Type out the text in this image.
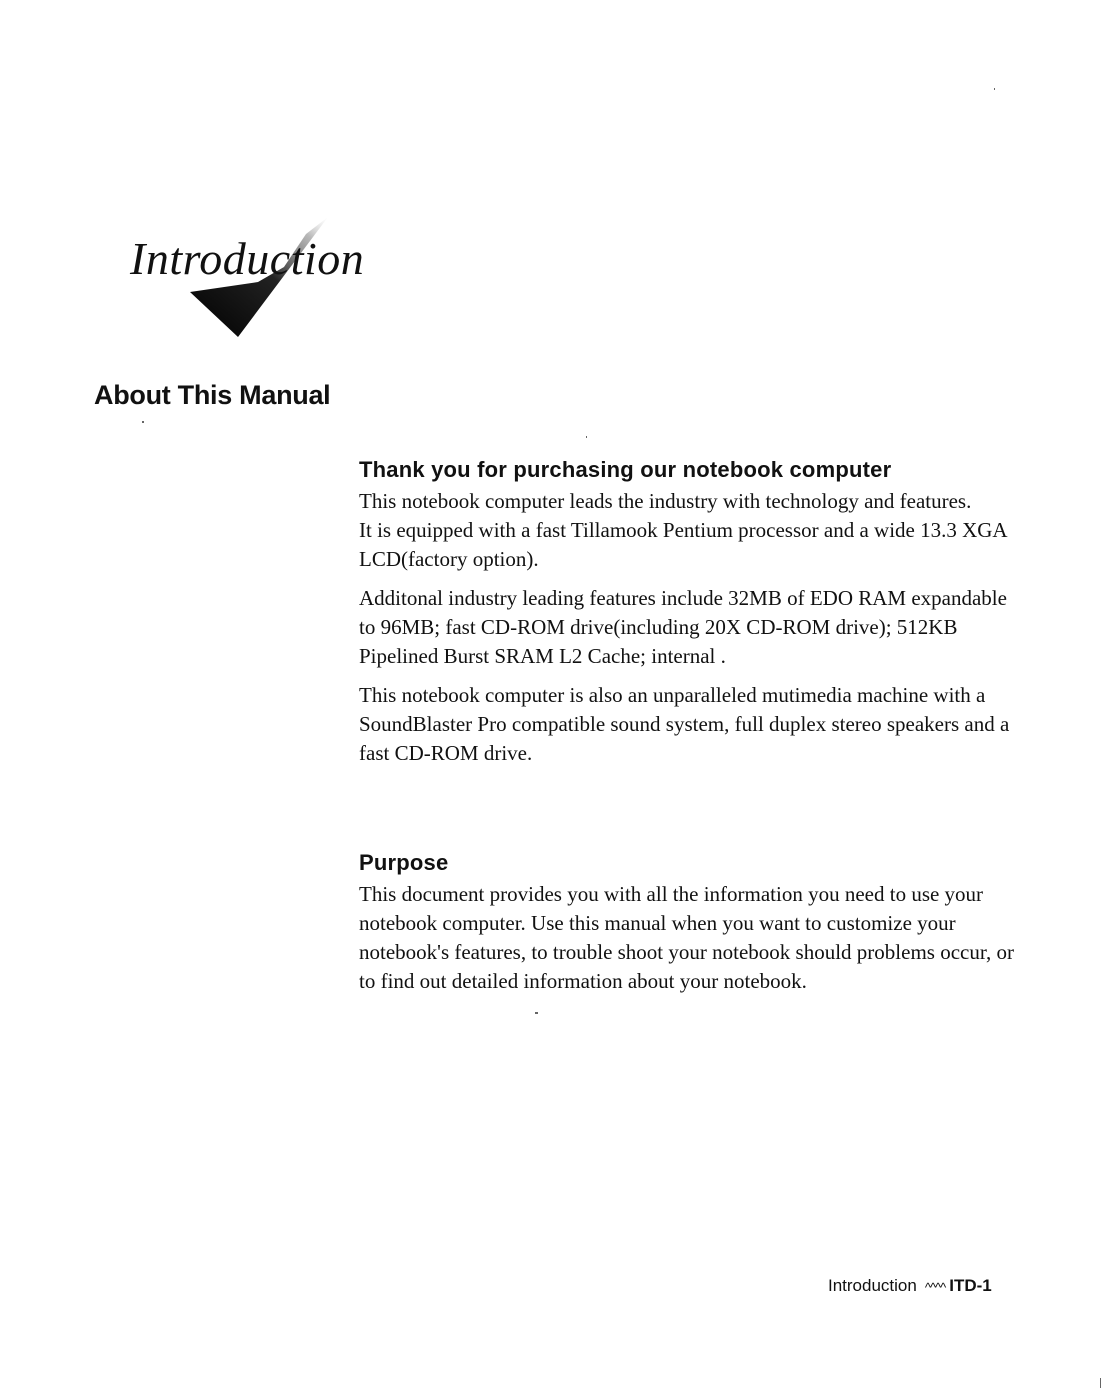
Introduction
About This Manual
Thank you for purchasing our notebook computer

This notebook computer leads the industry with technology and features.

It is equipped with a fast Tillamook Pentium processor and a wide 13.3 XGA LCD(factory option).

Additonal industry leading features include 32MB of EDO RAM expandable to 96MB; fast CD-ROM drive(including 20X CD-ROM drive); 512KB Pipelined Burst SRAM L2 Cache; internal .

This notebook computer is also an unparalleled mutimedia machine with a SoundBlaster Pro compatible sound system, full duplex stereo speakers and a fast CD-ROM drive.

Purpose

This document provides you with all the information you need to use your notebook computer. Use this manual when you want to customize your notebook's features, to trouble shoot your notebook should problems occur, or to find out detailed information about your notebook.

Introduction ^^^^ ITD-1
